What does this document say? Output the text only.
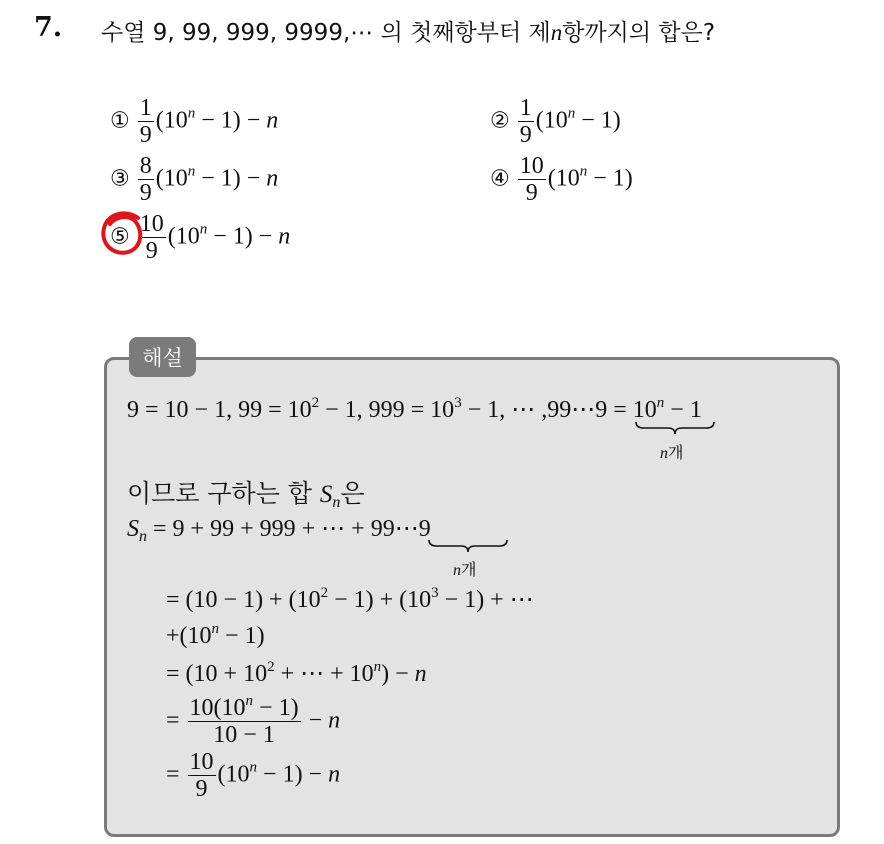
7. 수열 9, 99, 999, 9999,⋯ 의 첫째항부터 제n항까지의 합은?
① $\frac{1}{9} (10^n - 1) - n$	② $\frac{1}{9} (10^n - 1)$
③ $\frac{8}{9} (10^n - 1) - n$	④ $\frac{10}{9} (10^n - 1)$
⑤ $\frac{10}{9} (10^n - 1) - n$
해설
9 = 10 − 1, $99 = 10^2 - 1$, $999 = 10^3 - 1$, ⋯ ,99⋯9 = $10^n - 1$
n개
이므로 구하는 합 $S_n$은
$S_n = 9 + 99 + 999$ + ⋯ + 99⋯9
n개
= $(10 - 1) + (10^2 - 1) + (10^3 - 1)$ + ⋯
$+(10^n - 1)$
= ($10 + 10^2$ + ⋯ + $10^n) - n$
= $\frac{10(10^n - 1)}{10 - 1} - n$
= $\frac{10}{9} (10^n - 1) - n$
